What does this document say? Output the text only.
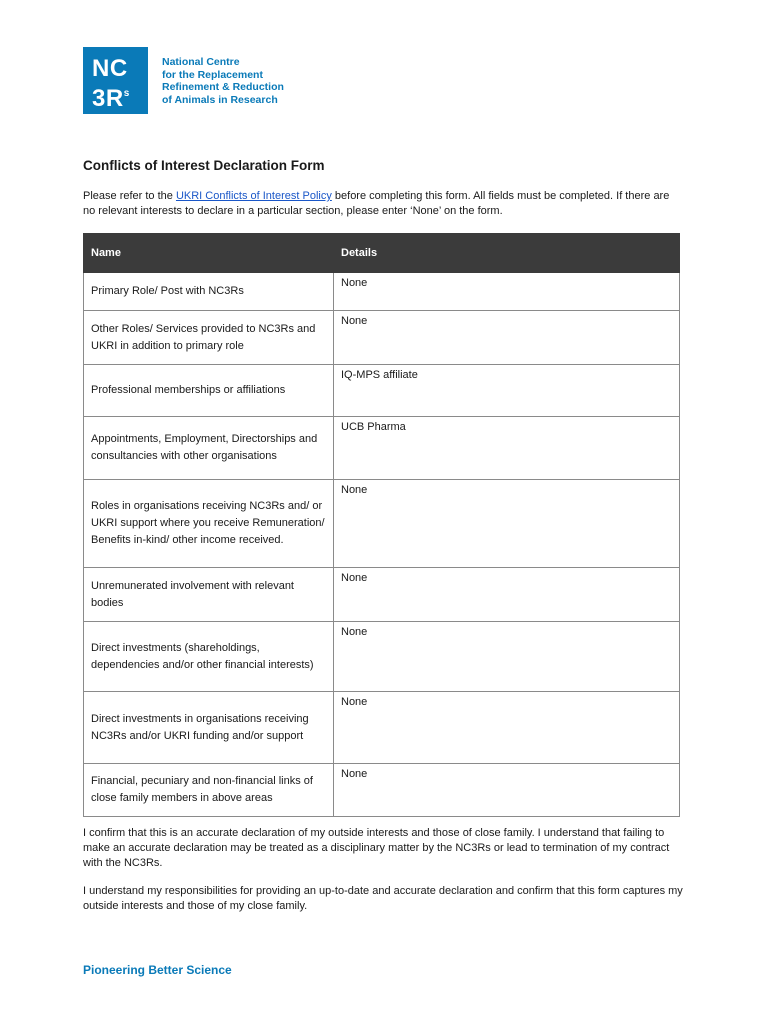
NC
$3R^s$
National Centre
for the Replacement
Refinement & Reduction
of Animals in Research
Conflicts of Interest Declaration Form

Please refer to the UKRI Conflicts of Interest Policy before completing this form. All fields must be completed. If there are no relevant interests to declare in a particular section, please enter ‘None’ on the form.

Name	Details
Primary Role/ Post with NC3Rs	None
Other Roles/ Services provided to NC3Rs and UKRI in addition to primary role	None
Professional memberships or affiliations	IQ-MPS affiliate
Appointments, Employment, Directorships and consultancies with other organisations	UCB Pharma
Roles in organisations receiving NC3Rs and/ or UKRI support where you receive Remuneration/ Benefits in-kind/ other income received.	None
Unremunerated involvement with relevant bodies	None
Direct investments (shareholdings, dependencies and/or other financial interests)	None
Direct investments in organisations receiving NC3Rs and/or UKRI funding and/or support	None
Financial, pecuniary and non-financial links of close family members in above areas	None

I confirm that this is an accurate declaration of my outside interests and those of close family. I understand that failing to make an accurate declaration may be treated as a disciplinary matter by the NC3Rs or lead to termination of my contract with the NC3Rs.

I understand my responsibilities for providing an up-to-date and accurate declaration and confirm that this form captures my outside interests and those of my close family.

Pioneering Better Science
